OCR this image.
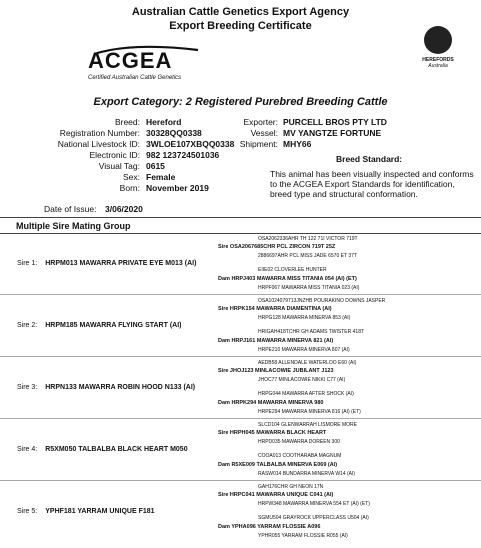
Australian Cattle Genetics Export Agency
Export Breeding Certificate
ACGEA
Certified Australian Cattle Genetics
HEREFORDS
Australia
Export Category: 2 Registered Purebred Breeding Cattle
Breed: Hereford
Registration Number: 30328QQ0338
National Livestock ID: 3WLOE107XBQQ0338
Electronic ID: 982 123724501036
Visual Tag: 0615
Sex: Female
Born: November 2019
Exporter: PURCELL BROS PTY LTD
Vessel: MV YANGTZE FORTUNE
Shipment: MHY66
Breed Standard:
This animal has been visually inspected and conforms to the ACGEA Export Standards for identification, breed type and structural conformation.
Date of Issue: 3/06/2020
Multiple Sire Mating Group
OSA2062336AHR TH 122 71I VICTOR 719T
Sire OSA2067685CHR PCL ZIRCON 719T 25Z
2886697AHR PCL MISS JADE 6570 ET 37T
EIIE02 CLOVERLEE HUNTER
Dam HRPJ403 MAWARRA MISS TITANIA 054 (AI) (ET)
HRPF067 MAWARRA MISS TITANIA 023 (AI)
Sire 1: HRPM013 MAWARRA PRIVATE EYE M013 (AI)
OSA1024079713JNZHB POURAKINO DOWNS JASPER
Sire HRPK154 MAWARRA DIAMENTINA (AI)
HRPG128 MAWARRA MINERVA 853 (AI)
HRIGAH418TCHR GH ADAMS TWISTER 418T
Dam HRPJ161 MAWARRA MINERVA 821 (AI)
HRPE210 MAWARRA MINERVA 807 (AI)
Sire 2: HRPM185 MAWARRA FLYING START (AI)
AEDB58 ALLENDALE WATERLOO E60 (AI)
Sire JHOJ123 MINLACOWIE JUBILANT J123
JHOC77 MINLACOWIE NIKKI C77 (AI)
HRPG044 MAWARRA AFTER SHOCK (AI)
Dam HRPK294 MAWARRA MINERVA 980
HRPE294 MAWARRA MINERVA 816 (AI) (ET)
Sire 3: HRPN133 MAWARRA ROBIN HOOD N133 (AI)
SLCD104 GLENWARRAH LISMORE MORE
Sire HRPH045 MAWARRA BLACK HEART
HRPD035 MAWARRA DOREEN 300
COOA013 COOTHARABA MAGNUM
Dam R5XE009 TALBALBA MINERVA E069 (AI)
RASW014 BUNDARRA MINERVA W14 (AI)
Sire 4: R5XM050 TALBALBA BLACK HEART M050
GAH176CHR GH NEON 17N
Sire HRPC041 MAWARRA UNIQUE C041 (AI)
HRPW348 MAWARRA MINERVA 554 ET (AI) (ET)
SGMU504 GRAYROCK UPPERCLASS U504 (AI)
Dam YPHA096 YARRAM FLOSSIE A096
YPHR055 YARRAM FLOSSIE R055 (AI)
Sire 5: YPHF181 YARRAM UNIQUE F181
